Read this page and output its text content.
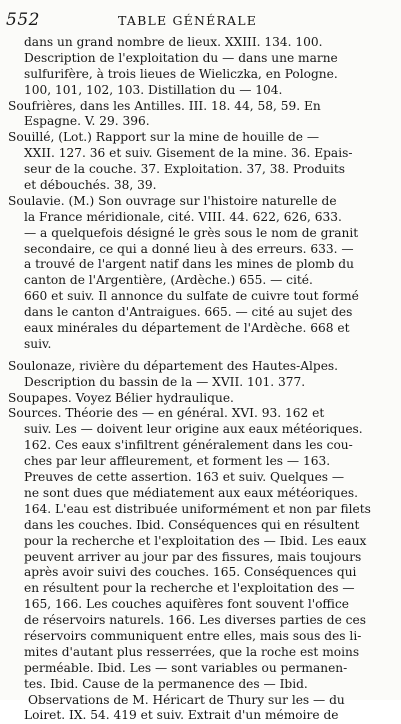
552	TABLE GÉNÉRALE
dans un grand nombre de lieux. XXIII. 134. 100.
Description de l'exploitation du — dans une marne
sulfurifère, à trois lieues de Wieliczka, en Pologne.
100, 101, 102, 103. Distillation du — 104.
Soufrières, dans les Antilles. III. 18. 44, 58, 59. En
Espagne. V. 29. 396.
Souillé, (Lot.) Rapport sur la mine de houille de —
XXII. 127. 36 et suiv. Gisement de la mine. 36. Epais-
seur de la couche. 37. Exploitation. 37, 38. Produits
et débouchés. 38, 39.
Soulavie. (M.) Son ouvrage sur l'histoire naturelle de
la France méridionale, cité. VIII. 44. 622, 626, 633.
— a quelquefois désigné le grès sous le nom de granit
secondaire, ce qui a donné lieu à des erreurs. 633. —
a trouvé de l'argent natif dans les mines de plomb du
canton de l'Argentière, (Ardèche.) 655. — cité.
660 et suiv. Il annonce du sulfate de cuivre tout formé
dans le canton d'Antraigues. 665. — cité au sujet des
eaux minérales du département de l'Ardèche. 668 et
suiv.
Soulonaze, rivière du département des Hautes-Alpes.
Description du bassin de la — XVII. 101. 377.
Soupapes. Voyez Bélier hydraulique.
Sources. Théorie des — en général. XVI. 93. 162 et
suiv. Les — doivent leur origine aux eaux météoriques.
162. Ces eaux s'infiltrent généralement dans les cou-
ches par leur affleurement, et forment les — 163.
Preuves de cette assertion. 163 et suiv. Quelques —
ne sont dues que médiatement aux eaux météoriques.
164. L'eau est distribuée uniformément et non par filets
dans les couches. Ibid. Conséquences qui en résultent
pour la recherche et l'exploitation des — Ibid. Les eaux
peuvent arriver au jour par des fissures, mais toujours
après avoir suivi des couches. 165. Conséquences qui
en résultent pour la recherche et l'exploitation des —
165, 166. Les couches aquifères font souvent l'office
de réservoirs naturels. 166. Les diverses parties de ces
réservoirs communiquent entre elles, mais sous des li-
mites d'autant plus resserrées, que la roche est moins
perméable. Ibid. Les — sont variables ou permanen-
tes. Ibid. Cause de la permanence des — Ibid.
Observations de M. Héricart de Thury sur les — du
Loiret. IX. 54. 419 et suiv. Extrait d'un mémoire de
